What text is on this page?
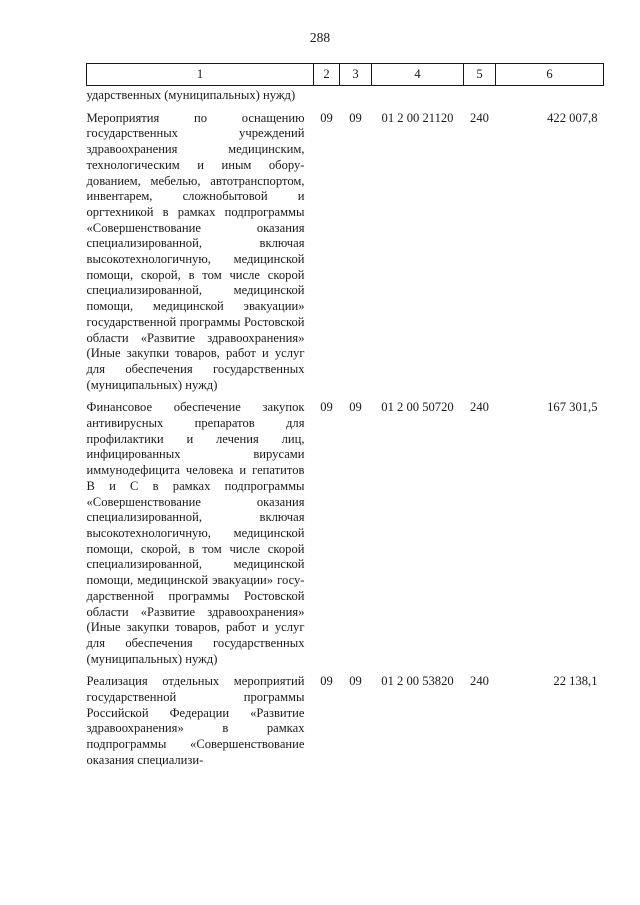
288
1	2	3	4	5	6
ударственных (муниципальных) нужд)					

Мероприятия по оснащению государственных учреждений здравоохранения медицинским, технологическим и иным оборудованием, мебелью, автотранспортом, инвентарем, сложнобытовой и оргтехникой в рамках подпрограммы «Совершенствование оказания специализированной, включая высокотехнологичную, медицинской помощи, скорой, в том числе скорой специализированной, медицинской помощи, медицинской эвакуации» государственной программы Ростовской области «Развитие здравоохранения» (Иные закупки товаров, работ и услуг для обеспечения государственных (муниципальных) нужд)	09	09	01 2 00 21120	240	422 007,8

Финансовое обеспечение закупок антивирусных препаратов для профилактики и лечения лиц, инфицированных вирусами иммунодефицита человека и гепатитов B и C в рамках подпрограммы «Совершенствование оказания специализированной, включая высокотехнологичную, медицинской помощи, скорой, в том числе скорой специализированной, медицинской помощи, медицинской эвакуации» государственной программы Ростовской области «Развитие здравоохранения» (Иные закупки товаров, работ и услуг для обеспечения государственных (муниципальных) нужд)	09	09	01 2 00 50720	240	167 301,5

Реализация отдельных мероприятий государственной программы Российской Федерации «Развитие здравоохранения» в рамках подпрограммы «Совершенствование оказания специализи-	09	09	01 2 00 53820	240	22 138,1
